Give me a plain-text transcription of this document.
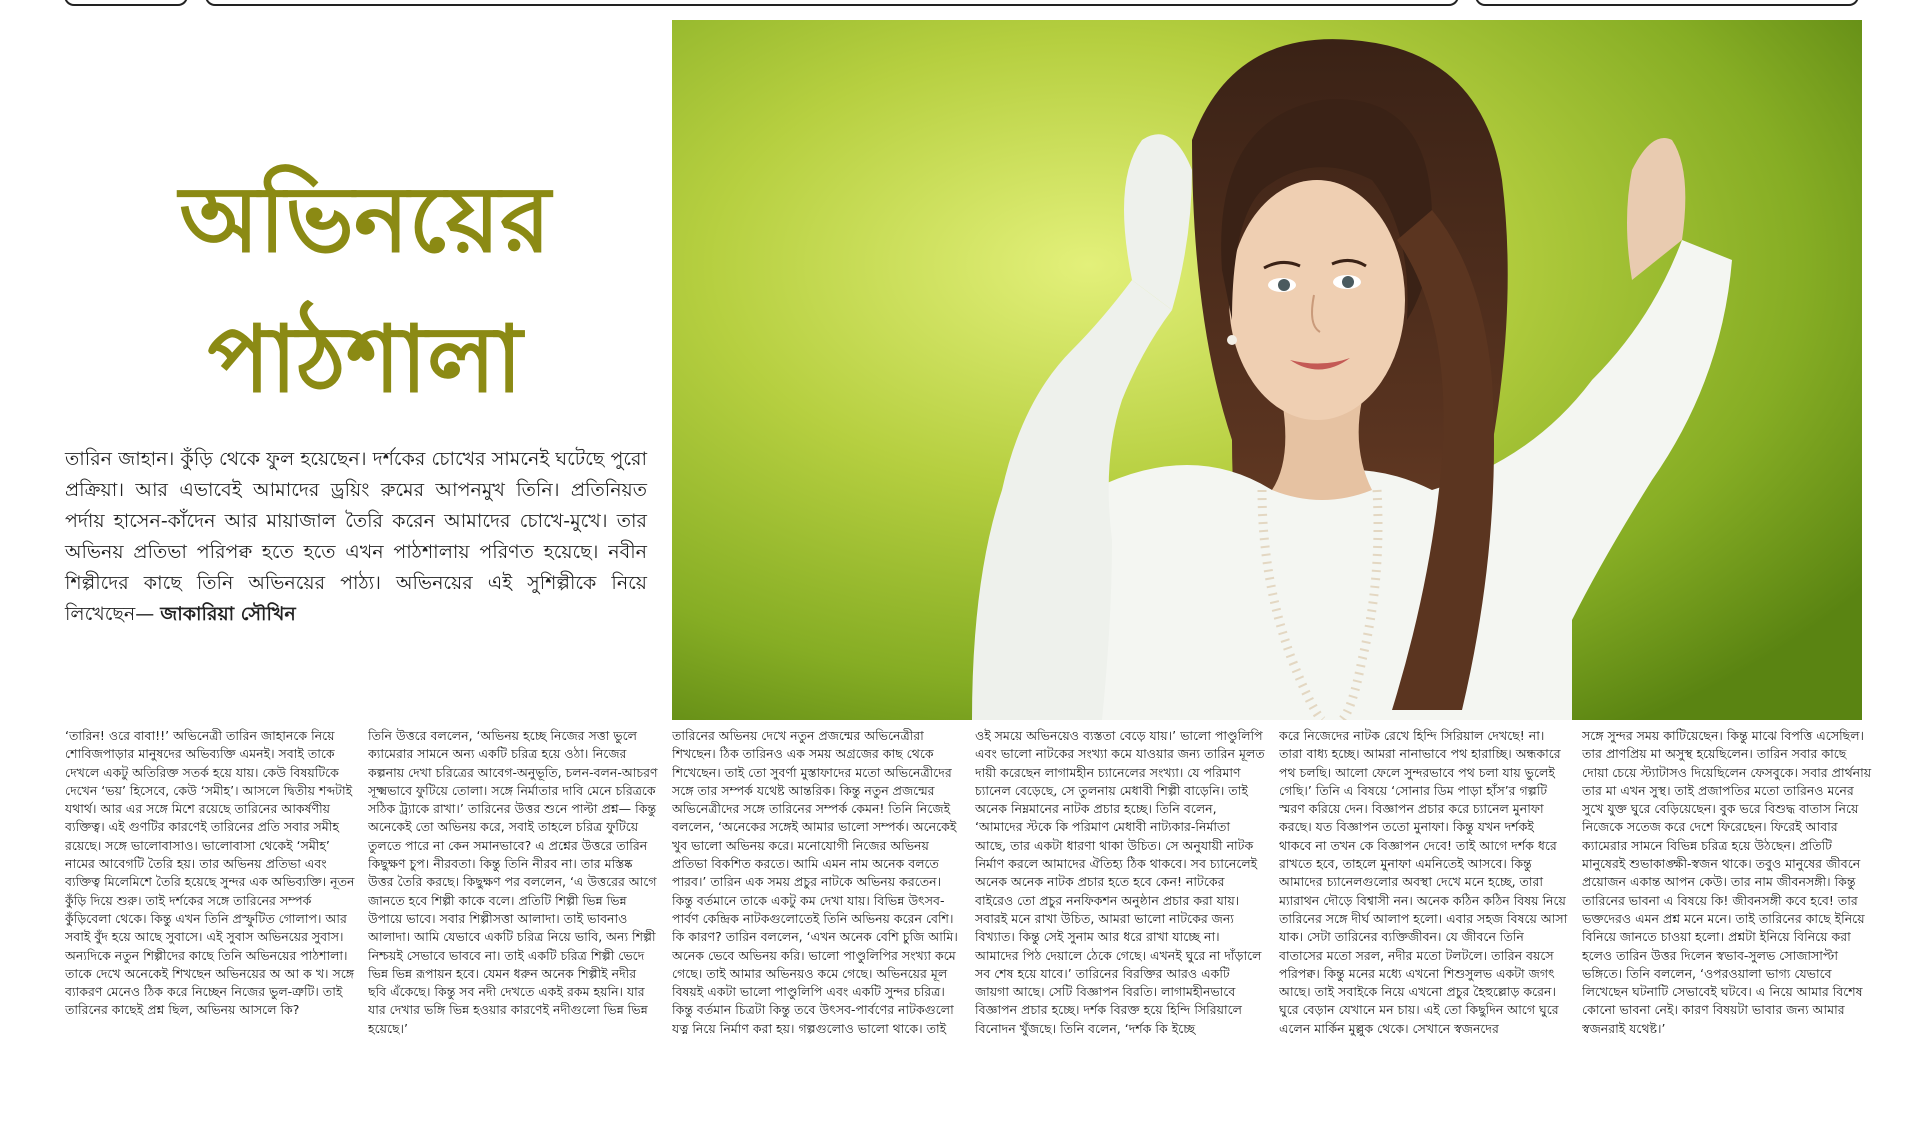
অভিনয়ের
পাঠশালা
তারিন জাহান। কুঁড়ি থেকে ফুল হয়েছেন। দর্শকের চোখের সামনেই ঘটেছে পুরো প্রক্রিয়া। আর এভাবেই আমাদের ড্রয়িং রুমের আপনমুখ তিনি। প্রতিনিয়ত পর্দায় হাসেন-কাঁদেন আর মায়াজাল তৈরি করেন আমাদের চোখে-মুখে। তার অভিনয় প্রতিভা পরিপক্ব হতে হতে এখন পাঠশালায় পরিণত হয়েছে। নবীন শিল্পীদের কাছে তিনি অভিনয়ের পাঠ্য। অভিনয়ের এই সুশিল্পীকে নিয়ে লিখেছেন— জাকারিয়া সৌখিন

‘তারিন! ওরে বাবা!!’ অভিনেত্রী তারিন জাহানকে নিয়ে শোবিজপাড়ার মানুষদের অভিব্যক্তি এমনই। সবাই তাকে দেখলে একটু অতিরিক্ত সতর্ক হয়ে যায়। কেউ বিষয়টিকে দেখেন ‘ভয়’ হিসেবে, কেউ ‘সমীহ’। আসলে দ্বিতীয় শব্দটাই যথার্থ। আর এর সঙ্গে মিশে রয়েছে তারিনের আকর্ষণীয় ব্যক্তিত্ব। এই গুণটির কারণেই তারিনের প্রতি সবার সমীহ রয়েছে। সঙ্গে ভালোবাসাও। ভালোবাসা থেকেই ‘সমীহ’ নামের আবেগটি তৈরি হয়। তার অভিনয় প্রতিভা এবং ব্যক্তিত্ব মিলেমিশে তৈরি হয়েছে সুন্দর এক অভিব্যক্তি। নূতন কুঁড়ি দিয়ে শুরু। তাই দর্শকের সঙ্গে তারিনের সম্পর্ক কুঁড়িবেলা থেকে। কিন্তু এখন তিনি প্রস্ফুটিত গোলাপ। আর সবাই বুঁদ হয়ে আছে সুবাসে। এই সুবাস অভিনয়ের সুবাস। অন্যদিকে নতুন শিল্পীদের কাছে তিনি অভিনয়ের পাঠশালা। তাকে দেখে অনেকেই শিখছেন অভিনয়ের অ আ ক খ। সঙ্গে ব্যাকরণ মেনেও ঠিক করে নিচ্ছেন নিজের ভুল-ত্রুটি। তাই তারিনের কাছেই প্রশ্ন ছিল, অভিনয় আসলে কি?

তিনি উত্তরে বললেন, ‘অভিনয় হচ্ছে নিজের সত্তা ভুলে ক্যামেরার সামনে অন্য একটি চরিত্র হয়ে ওঠা। নিজের কল্পনায় দেখা চরিত্রের আবেগ-অনুভূতি, চলন-বলন-আচরণ সূক্ষ্মভাবে ফুটিয়ে তোলা। সঙ্গে নির্মাতার দাবি মেনে চরিত্রকে সঠিক ট্র্যাকে রাখা।’ তারিনের উত্তর শুনে পাল্টা প্রশ্ন— কিন্তু অনেকেই তো অভিনয় করে, সবাই তাহলে চরিত্র ফুটিয়ে তুলতে পারে না কেন সমানভাবে? এ প্রশ্নের উত্তরে তারিন কিছুক্ষণ চুপ। নীরবতা। কিন্তু তিনি নীরব না। তার মস্তিষ্ক উত্তর তৈরি করছে। কিছুক্ষণ পর বললেন, ‘এ উত্তরের আগে জানতে হবে শিল্পী কাকে বলে। প্রতিটি শিল্পী ভিন্ন ভিন্ন উপায়ে ভাবে। সবার শিল্পীসত্তা আলাদা। তাই ভাবনাও আলাদা। আমি যেভাবে একটি চরিত্র নিয়ে ভাবি, অন্য শিল্পী নিশ্চয়ই সেভাবে ভাববে না। তাই একটি চরিত্র শিল্পী ভেদে ভিন্ন ভিন্ন রূপায়ন হবে। যেমন ধরুন অনেক শিল্পীই নদীর ছবি এঁকেছে। কিন্তু সব নদী দেখতে একই রকম হয়নি। যার যার দেখার ভঙ্গি ভিন্ন হওয়ার কারণেই নদীগুলো ভিন্ন ভিন্ন হয়েছে।’

তারিনের অভিনয় দেখে নতুন প্রজন্মের অভিনেত্রীরা শিখছেন। ঠিক তারিনও এক সময় অগ্রজের কাছ থেকে শিখেছেন। তাই তো সুবর্ণা মুস্তাফাদের মতো অভিনেত্রীদের সঙ্গে তার সম্পর্ক যথেষ্ট আন্তরিক। কিন্তু নতুন প্রজন্মের অভিনেত্রীদের সঙ্গে তারিনের সম্পর্ক কেমন! তিনি নিজেই বললেন, ‘অনেকের সঙ্গেই আমার ভালো সম্পর্ক। অনেকেই খুব ভালো অভিনয় করে। মনোযোগী নিজের অভিনয় প্রতিভা বিকশিত করতে। আমি এমন নাম অনেক বলতে পারব।’ তারিন এক সময় প্রচুর নাটকে অভিনয় করতেন। কিন্তু বর্তমানে তাকে একটু কম দেখা যায়। বিভিন্ন উৎসব-পার্বণ কেন্দ্রিক নাটকগুলোতেই তিনি অভিনয় করেন বেশি। কি কারণ? তারিন বললেন, ‘এখন অনেক বেশি চুজি আমি। অনেক ভেবে অভিনয় করি। ভালো পাণ্ডুলিপির সংখ্যা কমে গেছে। তাই আমার অভিনয়ও কমে গেছে। অভিনয়ের মূল বিষয়ই একটা ভালো পাণ্ডুলিপি এবং একটি সুন্দর চরিত্র। কিন্তু বর্তমান চিত্রটা কিন্তু তবে উৎসব-পার্বণের নাটকগুলো যত্ন নিয়ে নির্মাণ করা হয়। গল্পগুলোও ভালো থাকে। তাই

ওই সময়ে অভিনয়েও ব্যস্ততা বেড়ে যায়।’ ভালো পাণ্ডুলিপি এবং ভালো নাটকের সংখ্যা কমে যাওয়ার জন্য তারিন মূলত দায়ী করেছেন লাগামহীন চ্যানেলের সংখ্যা। যে পরিমাণ চ্যানেল বেড়েছে, সে তুলনায় মেধাবী শিল্পী বাড়েনি। তাই অনেক নিম্নমানের নাটক প্রচার হচ্ছে। তিনি বলেন, ‘আমাদের স্টকে কি পরিমাণ মেধাবী নাট্যকার-নির্মাতা আছে, তার একটা ধারণা থাকা উচিত। সে অনুযায়ী নাটক নির্মাণ করলে আমাদের ঐতিহ্য ঠিক থাকবে। সব চ্যানেলেই অনেক অনেক নাটক প্রচার হতে হবে কেন! নাটকের বাইরেও তো প্রচুর ননফিকশন অনুষ্ঠান প্রচার করা যায়। সবারই মনে রাখা উচিত, আমরা ভালো নাটকের জন্য বিখ্যাত। কিন্তু সেই সুনাম আর ধরে রাখা যাচ্ছে না। আমাদের পিঠ দেয়ালে ঠেকে গেছে। এখনই ঘুরে না দাঁড়ালে সব শেষ হয়ে যাবে।’ তারিনের বিরক্তির আরও একটি জায়গা আছে। সেটি বিজ্ঞাপন বিরতি। লাগামহীনভাবে বিজ্ঞাপন প্রচার হচ্ছে। দর্শক বিরক্ত হয়ে হিন্দি সিরিয়ালে বিনোদন খুঁজছে। তিনি বলেন, ‘দর্শক কি ইচ্ছে

করে নিজেদের নাটক রেখে হিন্দি সিরিয়াল দেখছে! না। তারা বাধ্য হচ্ছে। আমরা নানাভাবে পথ হারাচ্ছি। অন্ধকারে পথ চলছি। আলো ফেলে সুন্দরভাবে পথ চলা যায় ভুলেই গেছি।’ তিনি এ বিষয়ে ‘সোনার ডিম পাড়া হাঁস’র গল্পটি স্মরণ করিয়ে দেন। বিজ্ঞাপন প্রচার করে চ্যানেল মুনাফা করছে। যত বিজ্ঞাপন ততো মুনাফা। কিন্তু যখন দর্শকই থাকবে না তখন কে বিজ্ঞাপন দেবে! তাই আগে দর্শক ধরে রাখতে হবে, তাহলে মুনাফা এমনিতেই আসবে। কিন্তু আমাদের চ্যানেলগুলোর অবস্থা দেখে মনে হচ্ছে, তারা ম্যারাথন দৌড়ে বিশ্বাসী নন। অনেক কঠিন কঠিন বিষয় নিয়ে তারিনের সঙ্গে দীর্ঘ আলাপ হলো। এবার সহজ বিষয়ে আসা যাক। সেটা তারিনের ব্যক্তিজীবন। যে জীবনে তিনি বাতাসের মতো সরল, নদীর মতো টলটলে। তারিন বয়সে পরিপক্ব। কিন্তু মনের মধ্যে এখনো শিশুসুলভ একটা জগৎ আছে। তাই সবাইকে নিয়ে এখনো প্রচুর হৈহুল্লোড় করেন। ঘুরে বেড়ান যেখানে মন চায়। এই তো কিছুদিন আগে ঘুরে এলেন মার্কিন মুল্লুক থেকে। সেখানে স্বজনদের

সঙ্গে সুন্দর সময় কাটিয়েছেন। কিন্তু মাঝে বিপত্তি এসেছিল। তার প্রাণপ্রিয় মা অসুস্থ হয়েছিলেন। তারিন সবার কাছে দোয়া চেয়ে স্ট্যাটাসও দিয়েছিলেন ফেসবুকে। সবার প্রার্থনায় তার মা এখন সুস্থ। তাই প্রজাপতির মতো তারিনও মনের সুখে যুক্ত ঘুরে বেড়িয়েছেন। বুক ভরে বিশুদ্ধ বাতাস নিয়ে নিজেকে সতেজ করে দেশে ফিরেছেন। ফিরেই আবার ক্যামেরার সামনে বিভিন্ন চরিত্র হয়ে উঠছেন। প্রতিটি মানুষেরই শুভাকাঙ্ক্ষী-স্বজন থাকে। তবুও মানুষের জীবনে প্রয়োজন একান্ত আপন কেউ। তার নাম জীবনসঙ্গী। কিন্তু তারিনের ভাবনা এ বিষয়ে কি! জীবনসঙ্গী কবে হবে! তার ভক্তদেরও এমন প্রশ্ন মনে মনে। তাই তারিনের কাছে ইনিয়ে বিনিয়ে জানতে চাওয়া হলো। প্রশ্নটা ইনিয়ে বিনিয়ে করা হলেও তারিন উত্তর দিলেন স্বভাব-সুলভ সোজাসাপ্টা ভঙ্গিতে। তিনি বললেন, ‘ওপরওয়ালা ভাগ্য যেভাবে লিখেছেন ঘটনাটি সেভাবেই ঘটবে। এ নিয়ে আমার বিশেষ কোনো ভাবনা নেই। কারণ বিষয়টা ভাবার জন্য আমার স্বজনরাই যথেষ্ট।’
